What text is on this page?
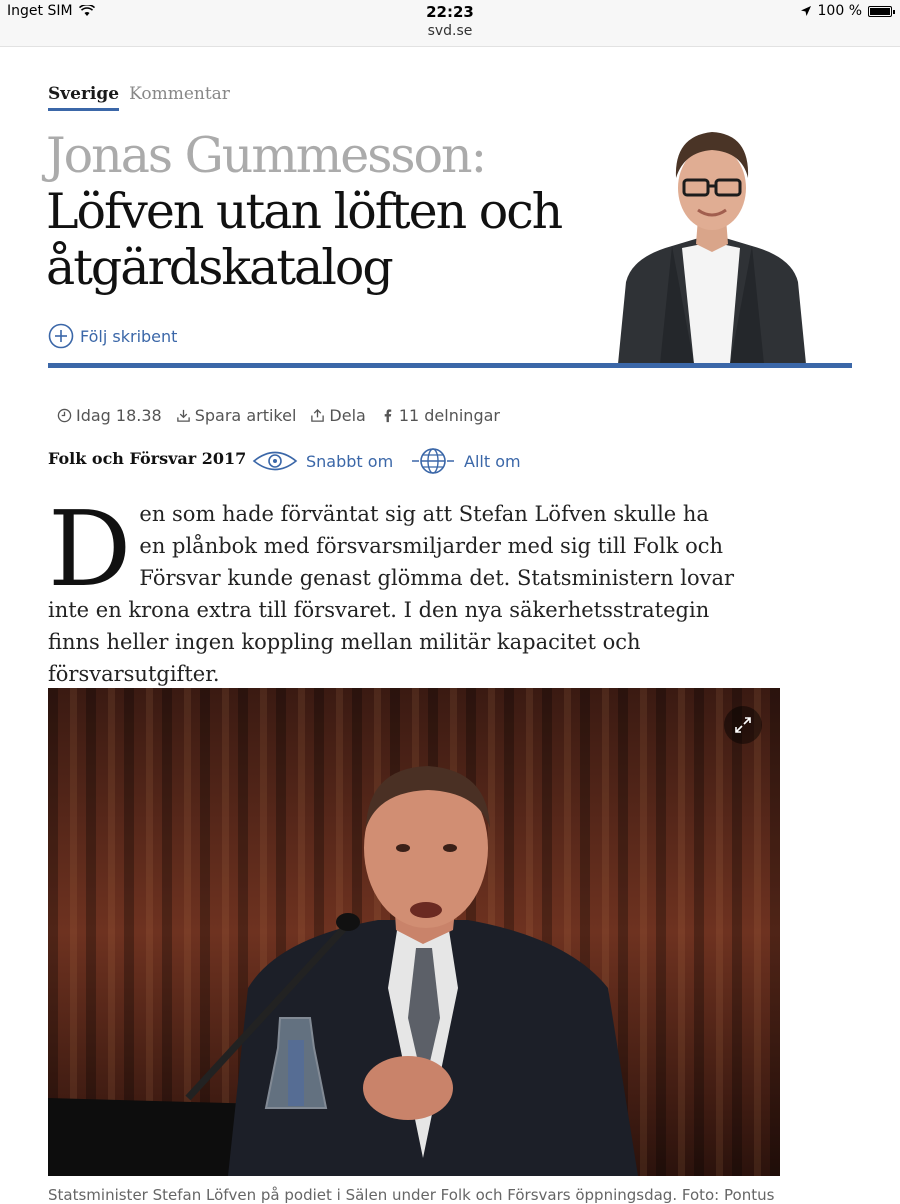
Inget SIM	22:23
svd.se
100 %
Sverige Kommentar
Jonas Gummesson:
Löfven utan löften och
åtgärdskatalog
Följ skribent
Idag 18.38 Spara artikel Dela 11 delningar
Folk och Försvar 2017	Snabbt om	Allt om

Den som hade förväntat sig att Stefan Löfven skulle ha en plånbok med försvarsmiljarder med sig till Folk och Försvar kunde genast glömma det. Statsministern lovar inte en krona extra till försvaret. I den nya säkerhetsstrategin finns heller ingen koppling mellan militär kapacitet och försvarsutgifter.

Statsminister Stefan Löfven på podiet i Sälen under Folk och Försvars öppningsdag. Foto: Pontus
